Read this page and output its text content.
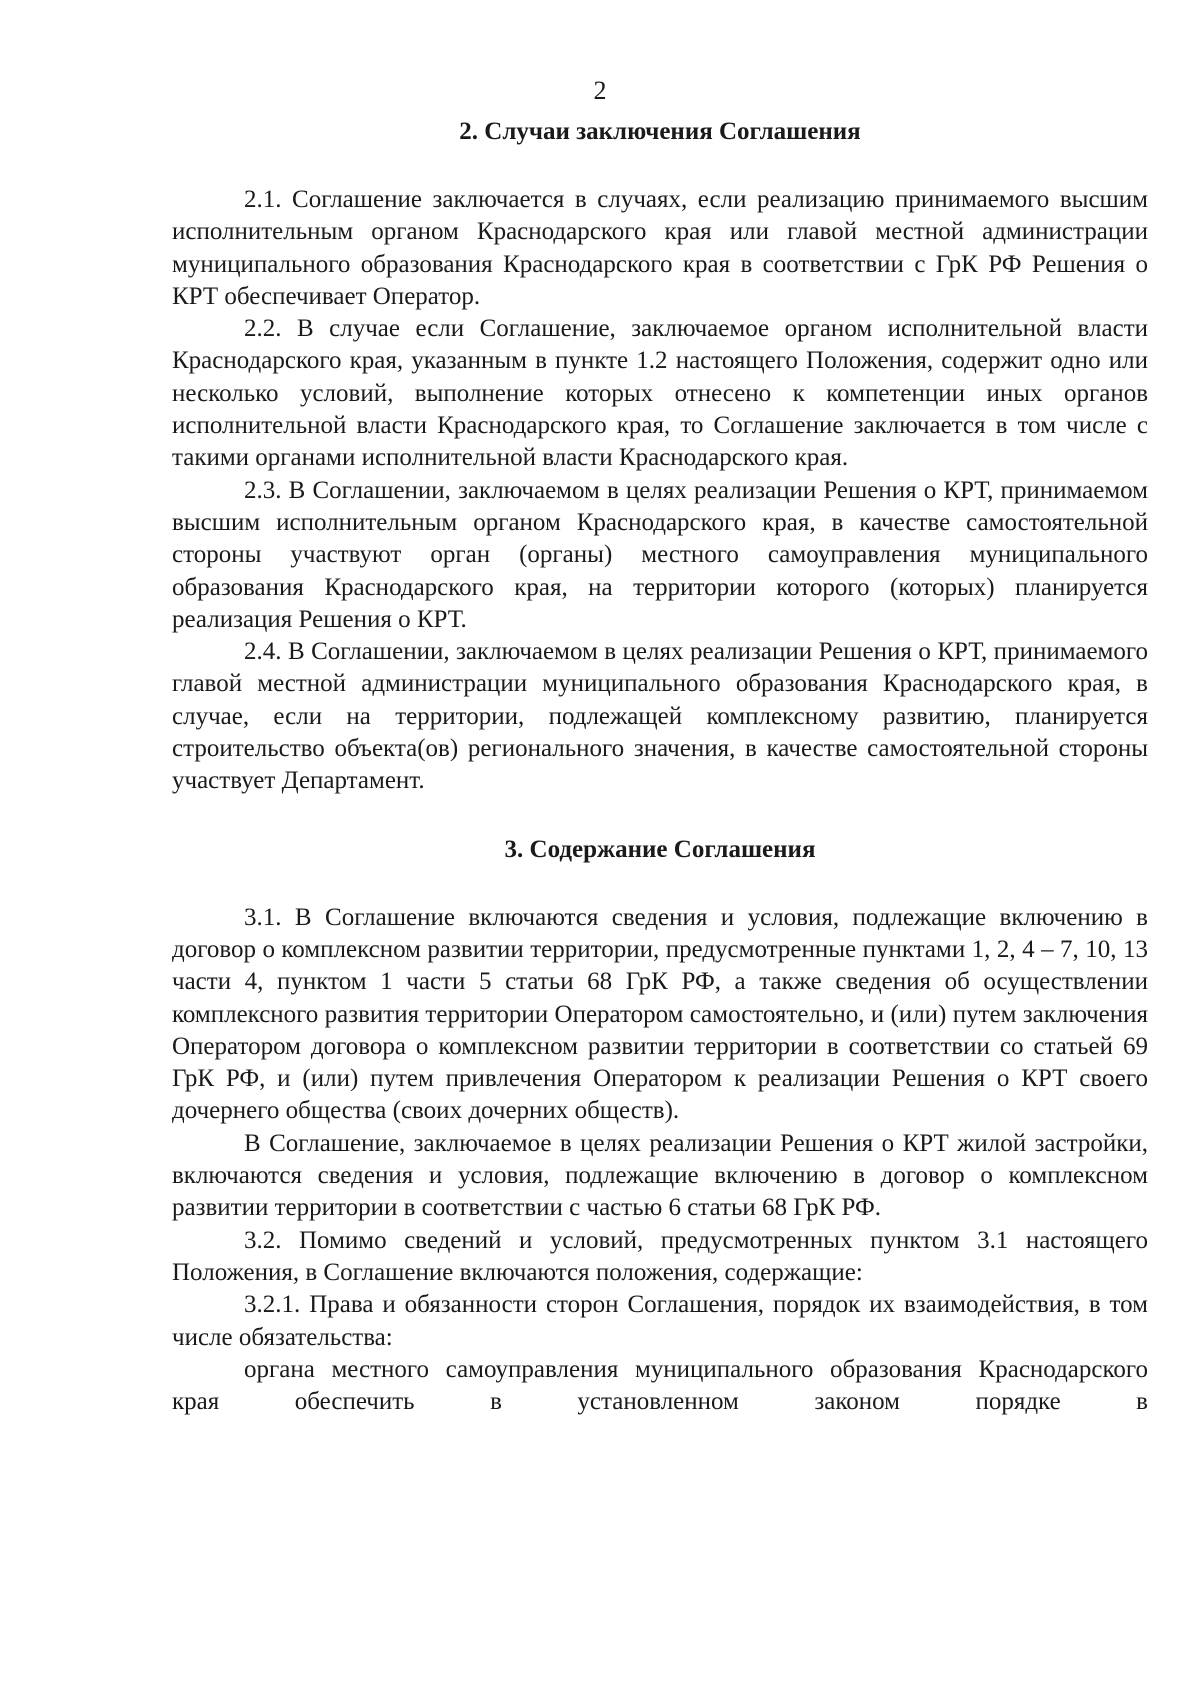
2
2. Случаи заключения Соглашения

2.1. Соглашение заключается в случаях, если реализацию принимаемого высшим исполнительным органом Краснодарского края или главой местной администрации муниципального образования Краснодарского края в соответствии с ГрК РФ Решения о КРТ обеспечивает Оператор.

2.2. В случае если Соглашение, заключаемое органом исполнительной власти Краснодарского края, указанным в пункте 1.2 настоящего Положения, содержит одно или несколько условий, выполнение которых отнесено к компетенции иных органов исполнительной власти Краснодарского края, то Соглашение заключается в том числе с такими органами исполнительной власти Краснодарского края.

2.3. В Соглашении, заключаемом в целях реализации Решения о КРТ, принимаемом высшим исполнительным органом Краснодарского края, в качестве самостоятельной стороны участвуют орган (органы) местного самоуправления муниципального образования Краснодарского края, на территории которого (которых) планируется реализация Решения о КРТ.

2.4. В Соглашении, заключаемом в целях реализации Решения о КРТ, принимаемого главой местной администрации муниципального образования Краснодарского края, в случае, если на территории, подлежащей комплексному развитию, планируется строительство объекта(ов) регионального значения, в качестве самостоятельной стороны участвует Департамент.

3. Содержание Соглашения

3.1. В Соглашение включаются сведения и условия, подлежащие включению в договор о комплексном развитии территории, предусмотренные пунктами 1, 2, 4 – 7, 10, 13 части 4, пунктом 1 части 5 статьи 68 ГрК РФ, а также сведения об осуществлении комплексного развития территории Оператором самостоятельно, и (или) путем заключения Оператором договора о комплексном развитии территории в соответствии со статьей 69 ГрК РФ, и (или) путем привлечения Оператором к реализации Решения о КРТ своего дочернего общества (своих дочерних обществ).

В Соглашение, заключаемое в целях реализации Решения о КРТ жилой застройки, включаются сведения и условия, подлежащие включению в договор о комплексном развитии территории в соответствии с частью 6 статьи 68 ГрК РФ.

3.2. Помимо сведений и условий, предусмотренных пунктом 3.1 настоящего Положения, в Соглашение включаются положения, содержащие:

3.2.1. Права и обязанности сторон Соглашения, порядок их взаимодействия, в том числе обязательства:

органа местного самоуправления муниципального образования Краснодарского края обеспечить в установленном законом порядке в
